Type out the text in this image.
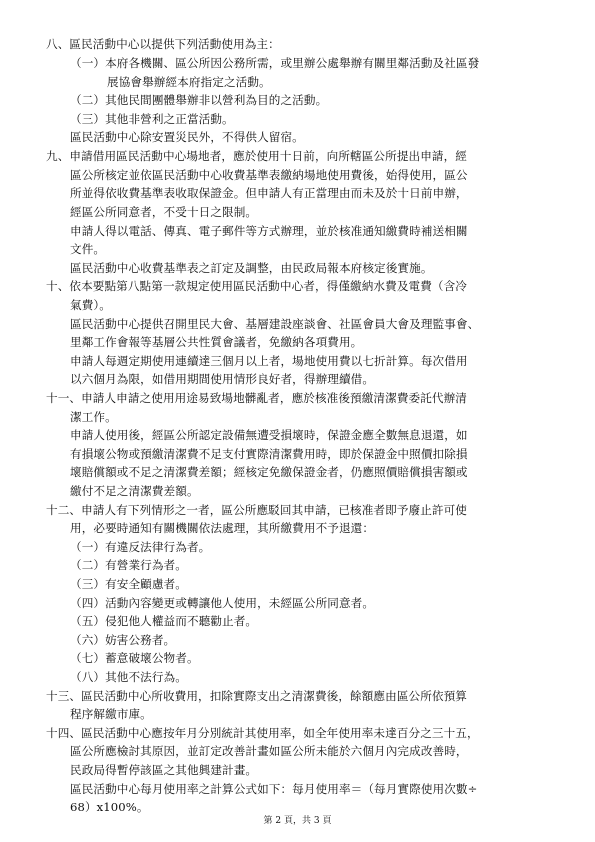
八、區民活動中心以提供下列活動使用為主：
（一）本府各機關、區公所因公務所需，或里辦公處舉辦有關里鄰活動及社區發
展協會舉辦經本府指定之活動。
（二）其他民間團體舉辦非以營利為目的之活動。
（三）其他非營利之正當活動。
區民活動中心除安置災民外，不得供人留宿。
九、申請借用區民活動中心場地者，應於使用十日前，向所轄區公所提出申請，經
區公所核定並依區民活動中心收費基準表繳納場地使用費後，始得使用，區公
所並得依收費基準表收取保證金。但申請人有正當理由而未及於十日前申辦，
經區公所同意者，不受十日之限制。
申請人得以電話、傳真、電子郵件等方式辦理，並於核准通知繳費時補送相關
文件。
區民活動中心收費基準表之訂定及調整，由民政局報本府核定後實施。
十、依本要點第八點第一款規定使用區民活動中心者，得僅繳納水費及電費（含冷
氣費）。
區民活動中心提供召開里民大會、基層建設座談會、社區會員大會及理監事會、
里鄰工作會報等基層公共性質會議者，免繳納各項費用。
申請人每週定期使用連續達三個月以上者，場地使用費以七折計算。每次借用
以六個月為限，如借用期間使用情形良好者，得辦理續借。
十一、申請人申請之使用用途易致場地髒亂者，應於核准後預繳清潔費委託代辦清
潔工作。
申請人使用後，經區公所認定設備無遭受損壞時，保證金應全數無息退還，如
有損壞公物或預繳清潔費不足支付實際清潔費用時，即於保證金中照價扣除損
壞賠償額或不足之清潔費差額；經核定免繳保證金者，仍應照價賠償損害額或
繳付不足之清潔費差額。
十二、申請人有下列情形之一者，區公所應駁回其申請，已核准者即予廢止許可使
用，必要時通知有關機關依法處理，其所繳費用不予退還：
（一）有違反法律行為者。
（二）有營業行為者。
（三）有安全顧慮者。
（四）活動內容變更或轉讓他人使用，未經區公所同意者。
（五）侵犯他人權益而不聽勸止者。
（六）妨害公務者。
（七）蓄意破壞公物者。
（八）其他不法行為。
十三、區民活動中心所收費用，扣除實際支出之清潔費後，餘額應由區公所依預算
程序解繳市庫。
十四、區民活動中心應按年月分別統計其使用率，如全年使用率未達百分之三十五，
區公所應檢討其原因，並訂定改善計畫如區公所未能於六個月內完成改善時，
民政局得暫停該區之其他興建計畫。
區民活動中心每月使用率之計算公式如下：每月使用率＝（每月實際使用次數÷
68）x100%。
第 2 頁，共 3 頁
